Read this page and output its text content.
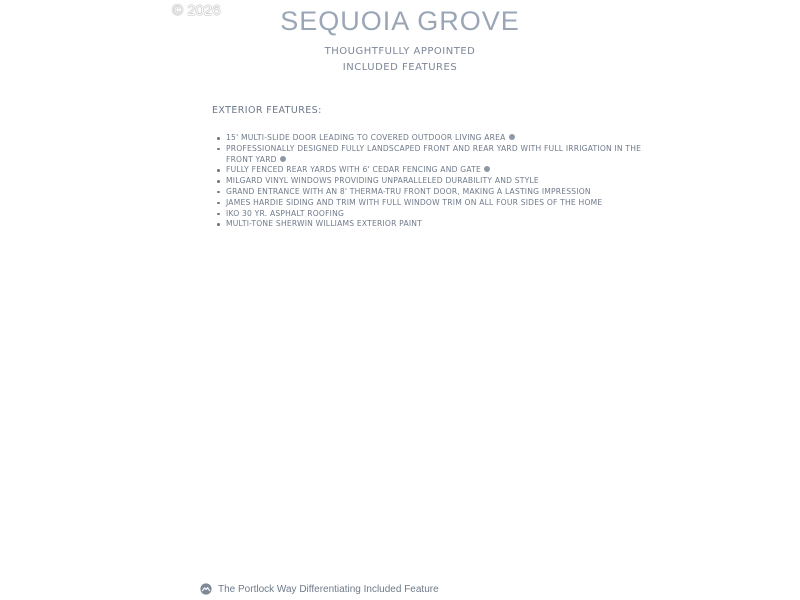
© 2026	SEQUOIA GROVE
THOUGHTFULLY APPOINTED
INCLUDED FEATURES
EXTERIOR FEATURES:
15' MULTI-SLIDE DOOR LEADING TO COVERED OUTDOOR LIVING AREA
PROFESSIONALLY DESIGNED FULLY LANDSCAPED FRONT AND REAR YARD WITH FULL IRRIGATION IN THE FRONT YARD
FULLY FENCED REAR YARDS WITH 6' CEDAR FENCING AND GATE
MILGARD VINYL WINDOWS PROVIDING UNPARALLELED DURABILITY AND STYLE
GRAND ENTRANCE WITH AN 8' THERMA-TRU FRONT DOOR, MAKING A LASTING IMPRESSION
JAMES HARDIE SIDING AND TRIM WITH FULL WINDOW TRIM ON ALL FOUR SIDES OF THE HOME
IKO 30 YR. ASPHALT ROOFING
MULTI-TONE SHERWIN WILLIAMS EXTERIOR PAINT
The Portlock Way Differentiating Included Feature
